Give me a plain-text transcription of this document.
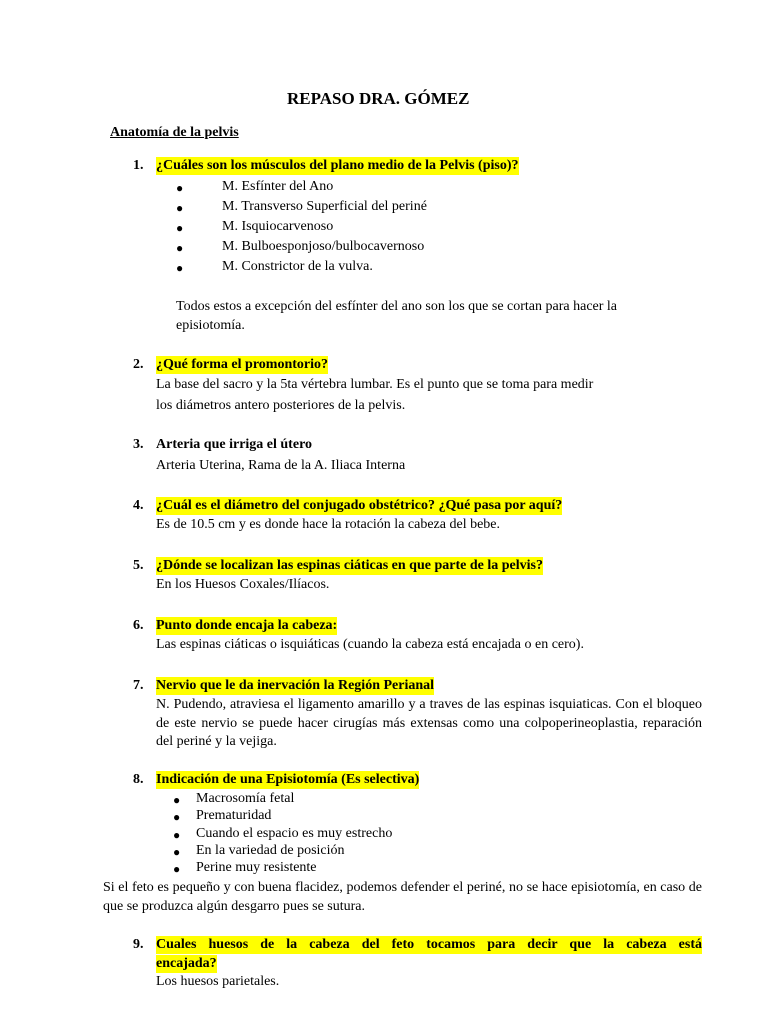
REPASO DRA. GÓMEZ
Anatomía de la pelvis
1. ¿Cuáles son los músculos del plano medio de la Pelvis (piso)?
●	M. Esfínter del Ano
●	M. Transverso Superficial del periné
●	M. Isquiocarvenoso
●	M. Bulboesponjoso/bulbocavernoso
●	M. Constrictor de la vulva.
Todos estos a excepción del esfínter del ano son los que se cortan para hacer la
episiotomía.
2. ¿Qué forma el promontorio?
La base del sacro y la 5ta vértebra lumbar. Es el punto que se toma para medir
los diámetros antero posteriores de la pelvis.
3. Arteria que irriga el útero
Arteria Uterina, Rama de la A. Iliaca Interna
4. ¿Cuál es el diámetro del conjugado obstétrico? ¿Qué pasa por aquí?
Es de 10.5 cm y es donde hace la rotación la cabeza del bebe.
5. ¿Dónde se localizan las espinas ciáticas en que parte de la pelvis?
En los Huesos Coxales/Ilíacos.
6. Punto donde encaja la cabeza:
Las espinas ciáticas o isquiáticas (cuando la cabeza está encajada o en cero).
7. Nervio que le da inervación la Región Perianal
N. Pudendo, atraviesa el ligamento amarillo y a traves de las espinas isquiaticas. Con el bloqueo de este nervio se puede hacer cirugías más extensas como una colpoperineoplastia, reparación del periné y la vejiga.
8. Indicación de una Episiotomía (Es selectiva)
● Macrosomía fetal
● Prematuridad
● Cuando el espacio es muy estrecho
● En la variedad de posición
● Perine muy resistente
Si el feto es pequeño y con buena flacidez, podemos defender el periné, no se hace episiotomía, en caso de que se produzca algún desgarro pues se sutura.
9. Cuales huesos de la cabeza del feto tocamos para decir que la cabeza está
encajada?
Los huesos parietales.
